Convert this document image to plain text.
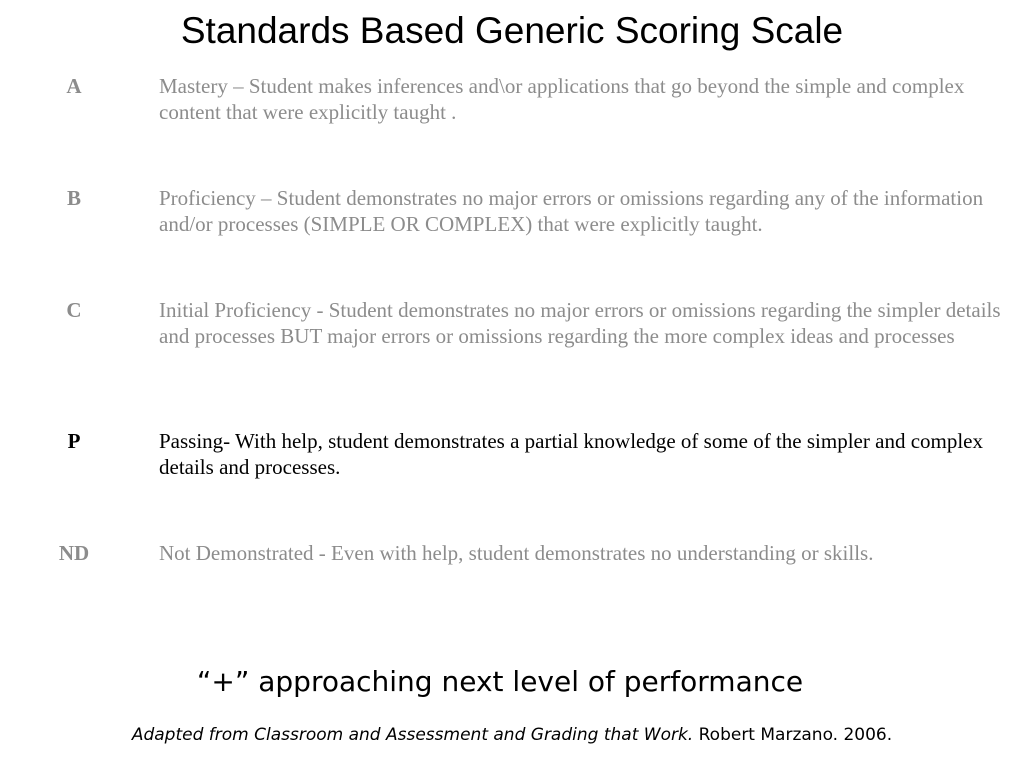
Standards Based Generic Scoring Scale
A	Mastery – Student makes inferences and\or applications that go beyond the simple and complex content that were explicitly taught .
B	Proficiency – Student demonstrates no major errors or omissions regarding any of the information and/or processes (SIMPLE OR COMPLEX) that were explicitly taught.
C	Initial Proficiency - Student demonstrates no major errors or omissions regarding the simpler details and processes BUT major errors or omissions regarding the more complex ideas and processes
P	Passing- With help, student demonstrates a partial knowledge of some of the simpler and complex details and processes.
ND	Not Demonstrated - Even with help, student demonstrates no understanding or skills.
“+” approaching next level of performance
Adapted from Classroom and Assessment and Grading that Work. Robert Marzano. 2006.
